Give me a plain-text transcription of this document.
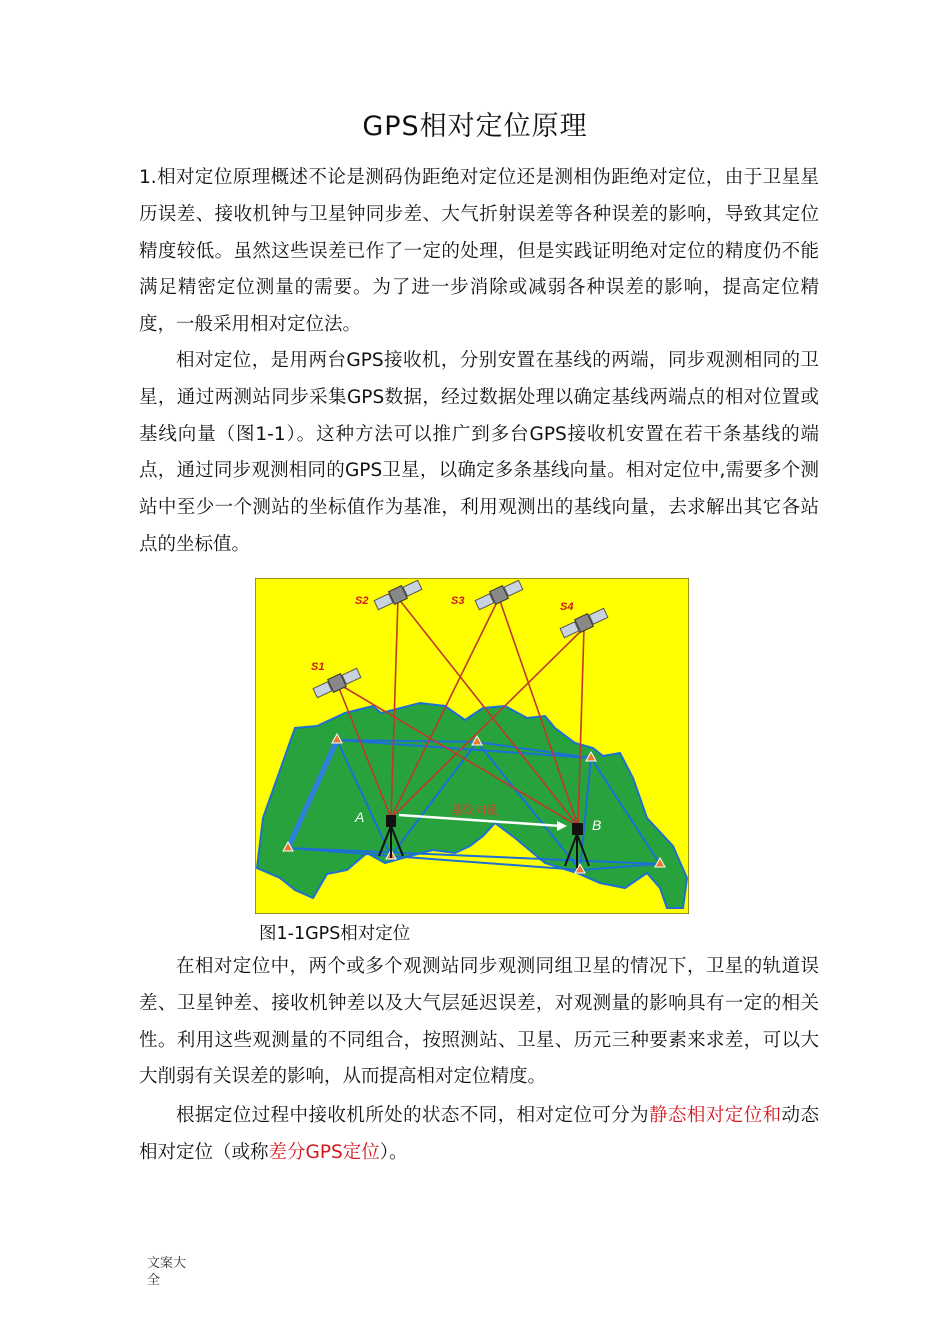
GPS相对定位原理

1.相对定位原理概述不论是测码伪距绝对定位还是测相伪距绝对定位，由于卫星星历误差、接收机钟与卫星钟同步差、大气折射误差等各种误差的影响，导致其定位精度较低。虽然这些误差已作了一定的处理，但是实践证明绝对定位的精度仍不能满足精密定位测量的需要。为了进一步消除或减弱各种误差的影响，提高定位精度，一般采用相对定位法。

相对定位，是用两台GPS接收机，分别安置在基线的两端，同步观测相同的卫星，通过两测站同步采集GPS数据，经过数据处理以确定基线两端点的相对位置或基线向量（图1-1）。这种方法可以推广到多台GPS接收机安置在若干条基线的端点，通过同步观测相同的GPS卫星，以确定多条基线向量。相对定位中,需要多个测站中至少一个测站的坐标值作为基准，利用观测出的基线向量，去求解出其它各站点的坐标值。

S1
S2	S3	S4
基线向量
A	B
图1-1GPS相对定位

在相对定位中，两个或多个观测站同步观测同组卫星的情况下，卫星的轨道误差、卫星钟差、接收机钟差以及大气层延迟误差，对观测量的影响具有一定的相关性。利用这些观测量的不同组合，按照测站、卫星、历元三种要素来求差，可以大大削弱有关误差的影响，从而提高相对定位精度。

根据定位过程中接收机所处的状态不同，相对定位可分为静态相对定位和动态相对定位（或称差分GPS定位）。

文案大全
